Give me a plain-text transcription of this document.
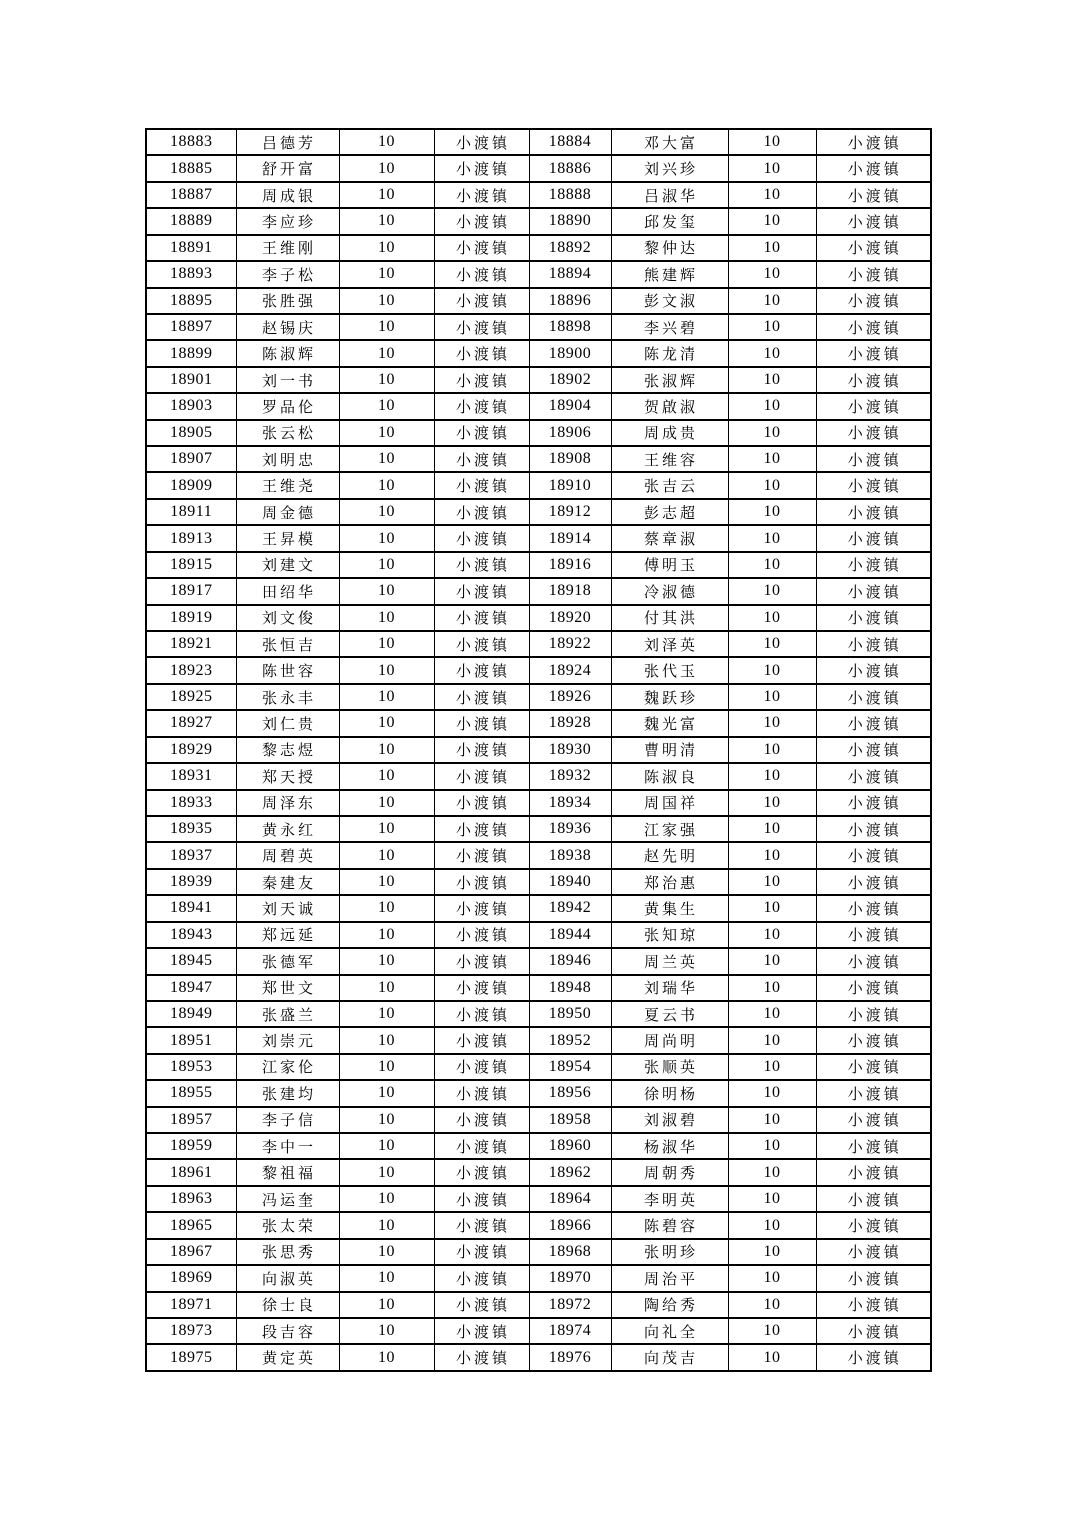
18883	吕德芳	10	小渡镇	18884	邓大富	10	小渡镇
18885	舒开富	10	小渡镇	18886	刘兴珍	10	小渡镇
18887	周成银	10	小渡镇	18888	吕淑华	10	小渡镇
18889	李应珍	10	小渡镇	18890	邱发玺	10	小渡镇
18891	王维刚	10	小渡镇	18892	黎仲达	10	小渡镇
18893	李子松	10	小渡镇	18894	熊建辉	10	小渡镇
18895	张胜强	10	小渡镇	18896	彭文淑	10	小渡镇
18897	赵锡庆	10	小渡镇	18898	李兴碧	10	小渡镇
18899	陈淑辉	10	小渡镇	18900	陈龙清	10	小渡镇
18901	刘一书	10	小渡镇	18902	张淑辉	10	小渡镇
18903	罗品伦	10	小渡镇	18904	贺啟淑	10	小渡镇
18905	张云松	10	小渡镇	18906	周成贵	10	小渡镇
18907	刘明忠	10	小渡镇	18908	王维容	10	小渡镇
18909	王维尧	10	小渡镇	18910	张吉云	10	小渡镇
18911	周金德	10	小渡镇	18912	彭志超	10	小渡镇
18913	王昇模	10	小渡镇	18914	蔡章淑	10	小渡镇
18915	刘建文	10	小渡镇	18916	傅明玉	10	小渡镇
18917	田绍华	10	小渡镇	18918	冷淑德	10	小渡镇
18919	刘文俊	10	小渡镇	18920	付其洪	10	小渡镇
18921	张恒吉	10	小渡镇	18922	刘泽英	10	小渡镇
18923	陈世容	10	小渡镇	18924	张代玉	10	小渡镇
18925	张永丰	10	小渡镇	18926	魏跃珍	10	小渡镇
18927	刘仁贵	10	小渡镇	18928	魏光富	10	小渡镇
18929	黎志煜	10	小渡镇	18930	曹明清	10	小渡镇
18931	郑天授	10	小渡镇	18932	陈淑良	10	小渡镇
18933	周泽东	10	小渡镇	18934	周国祥	10	小渡镇
18935	黄永红	10	小渡镇	18936	江家强	10	小渡镇
18937	周碧英	10	小渡镇	18938	赵先明	10	小渡镇
18939	秦建友	10	小渡镇	18940	郑治惠	10	小渡镇
18941	刘天诚	10	小渡镇	18942	黄集生	10	小渡镇
18943	郑远延	10	小渡镇	18944	张知琼	10	小渡镇
18945	张德军	10	小渡镇	18946	周兰英	10	小渡镇
18947	郑世文	10	小渡镇	18948	刘瑞华	10	小渡镇
18949	张盛兰	10	小渡镇	18950	夏云书	10	小渡镇
18951	刘崇元	10	小渡镇	18952	周尚明	10	小渡镇
18953	江家伦	10	小渡镇	18954	张顺英	10	小渡镇
18955	张建均	10	小渡镇	18956	徐明杨	10	小渡镇
18957	李子信	10	小渡镇	18958	刘淑碧	10	小渡镇
18959	李中一	10	小渡镇	18960	杨淑华	10	小渡镇
18961	黎祖福	10	小渡镇	18962	周朝秀	10	小渡镇
18963	冯运奎	10	小渡镇	18964	李明英	10	小渡镇
18965	张太荣	10	小渡镇	18966	陈碧容	10	小渡镇
18967	张思秀	10	小渡镇	18968	张明珍	10	小渡镇
18969	向淑英	10	小渡镇	18970	周治平	10	小渡镇
18971	徐士良	10	小渡镇	18972	陶给秀	10	小渡镇
18973	段吉容	10	小渡镇	18974	向礼全	10	小渡镇
18975	黄定英	10	小渡镇	18976	向茂吉	10	小渡镇
